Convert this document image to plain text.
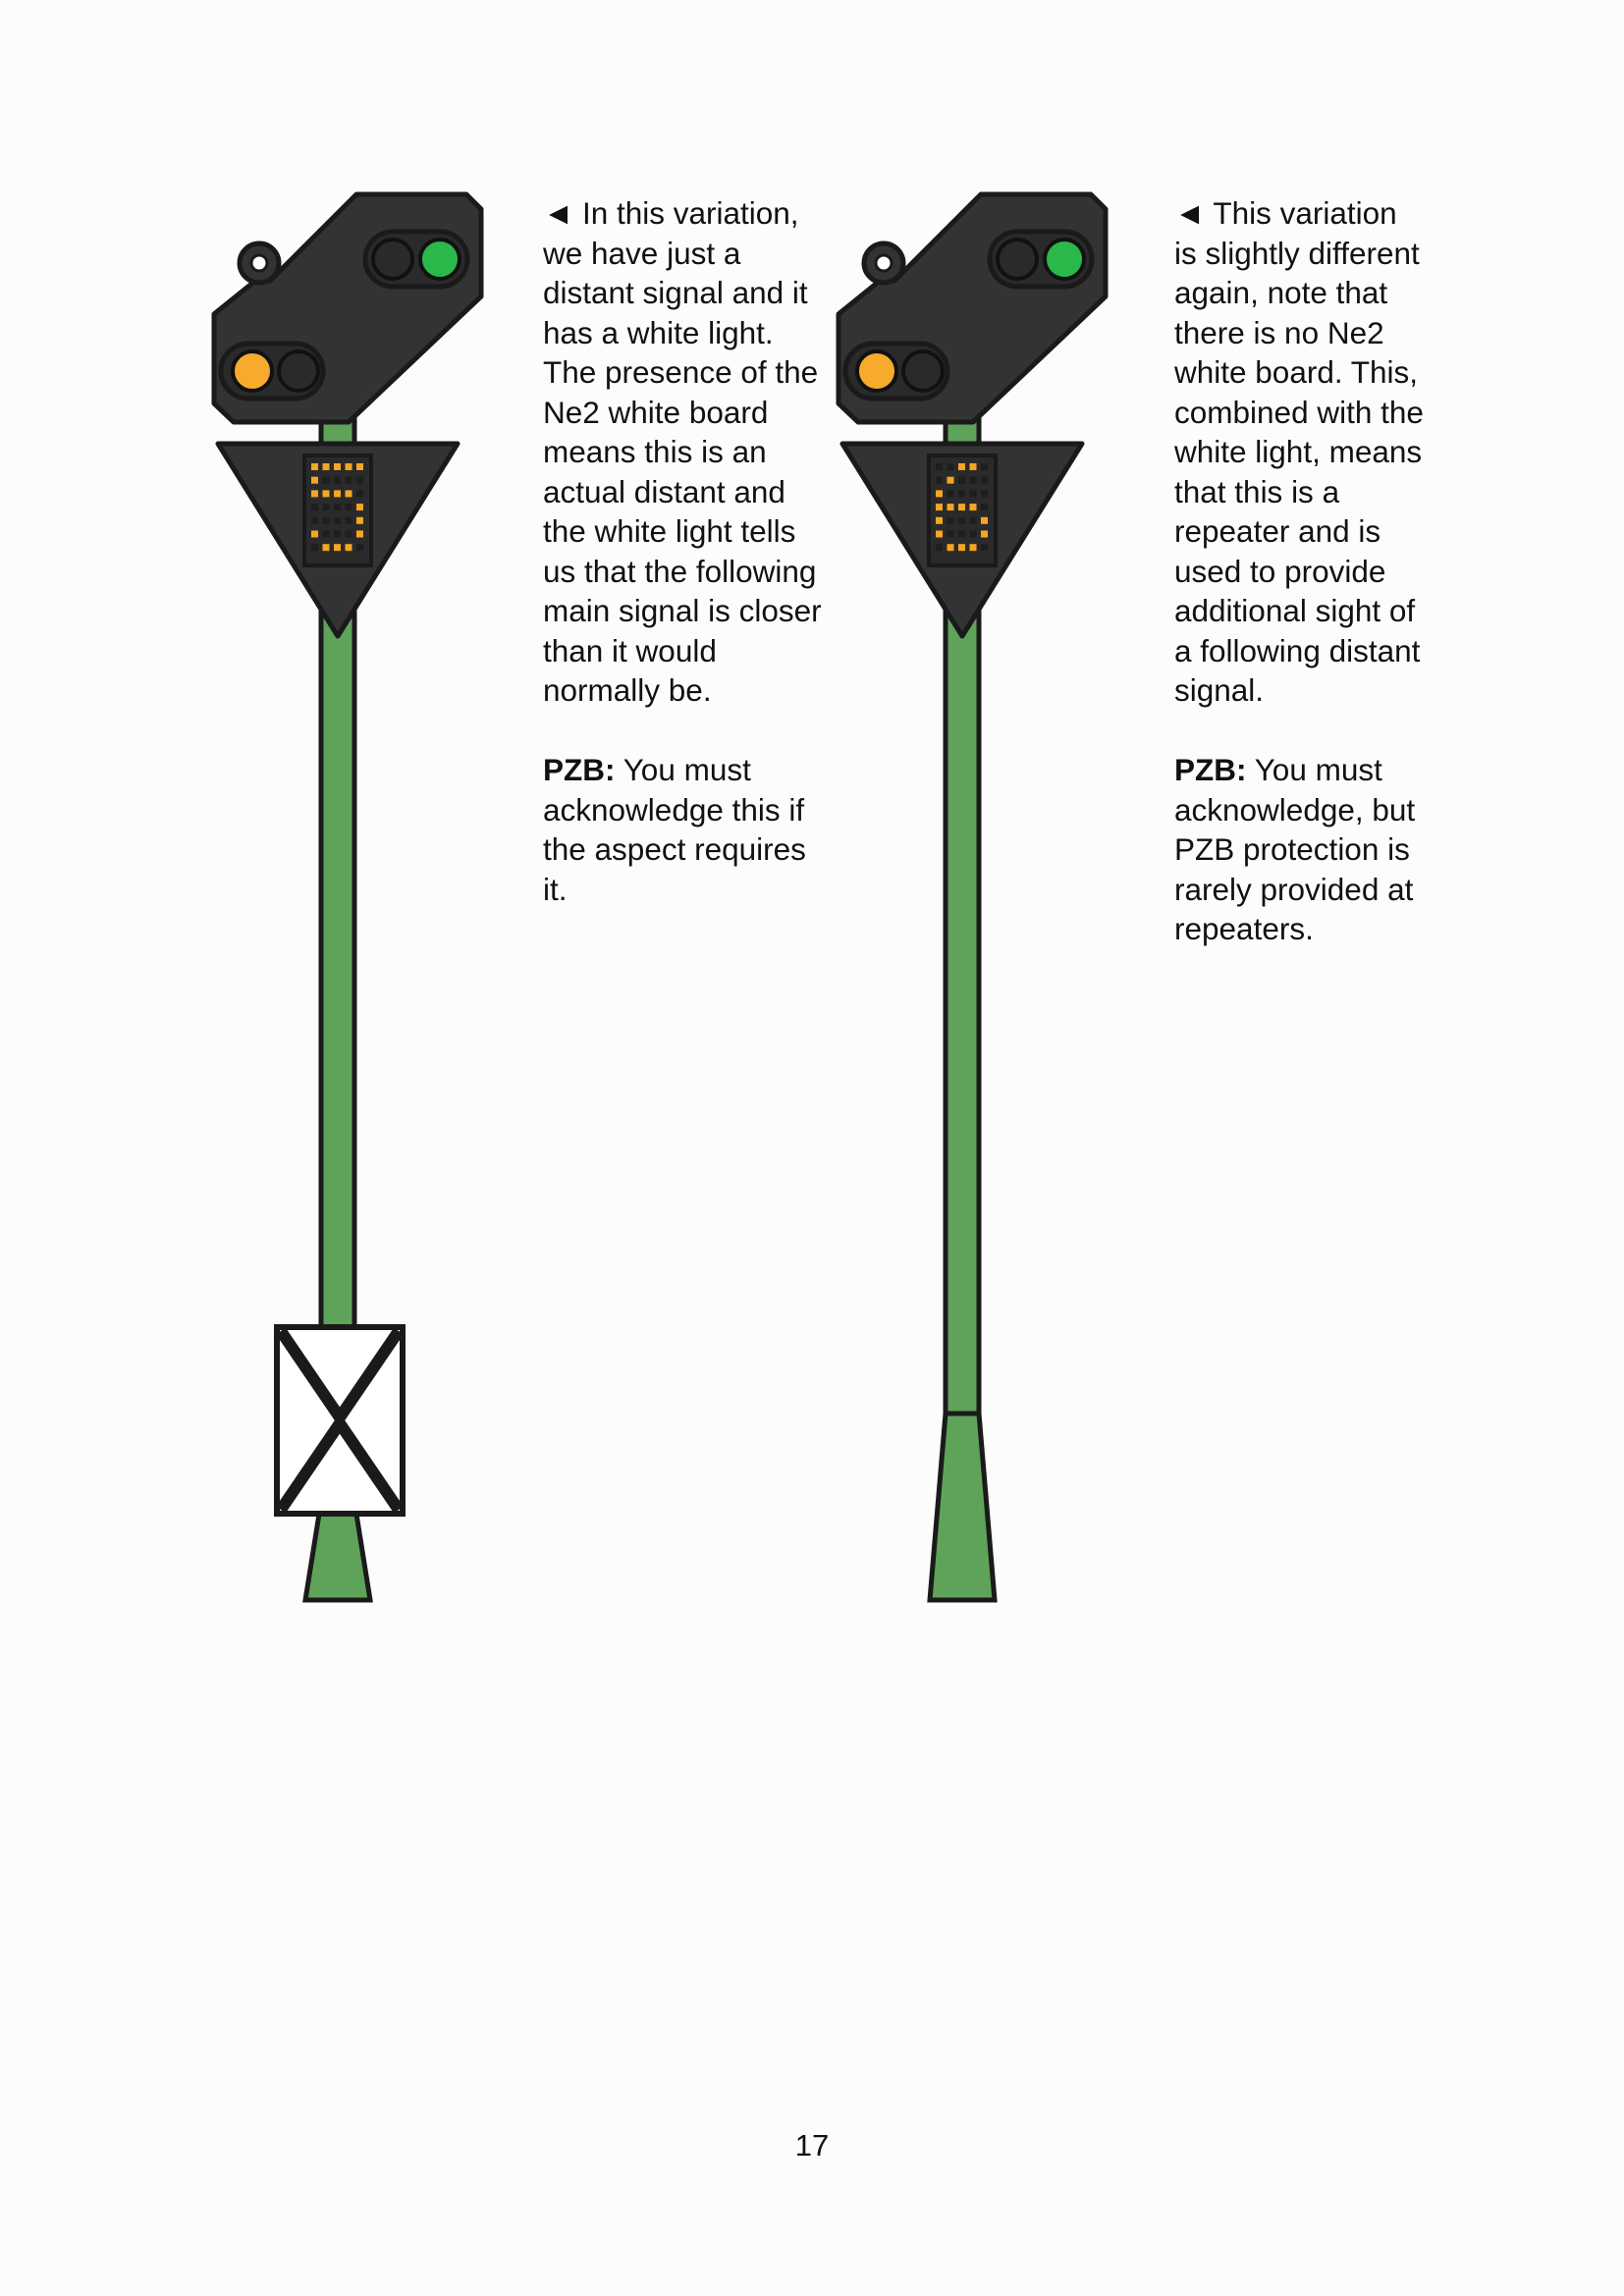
◄ In this variation, we have just a distant signal and it has a white light. The presence of the Ne2 white board means this is an actual distant and the white light tells us that the following main signal is closer than it would normally be.

PZB: You must acknowledge this if the aspect requires it.

◄ This variation is slightly different again, note that there is no Ne2 white board. This, combined with the white light, means that this is a repeater and is used to provide additional sight of a following distant signal.

PZB: You must acknowledge, but PZB protection is rarely provided at repeaters.

17
